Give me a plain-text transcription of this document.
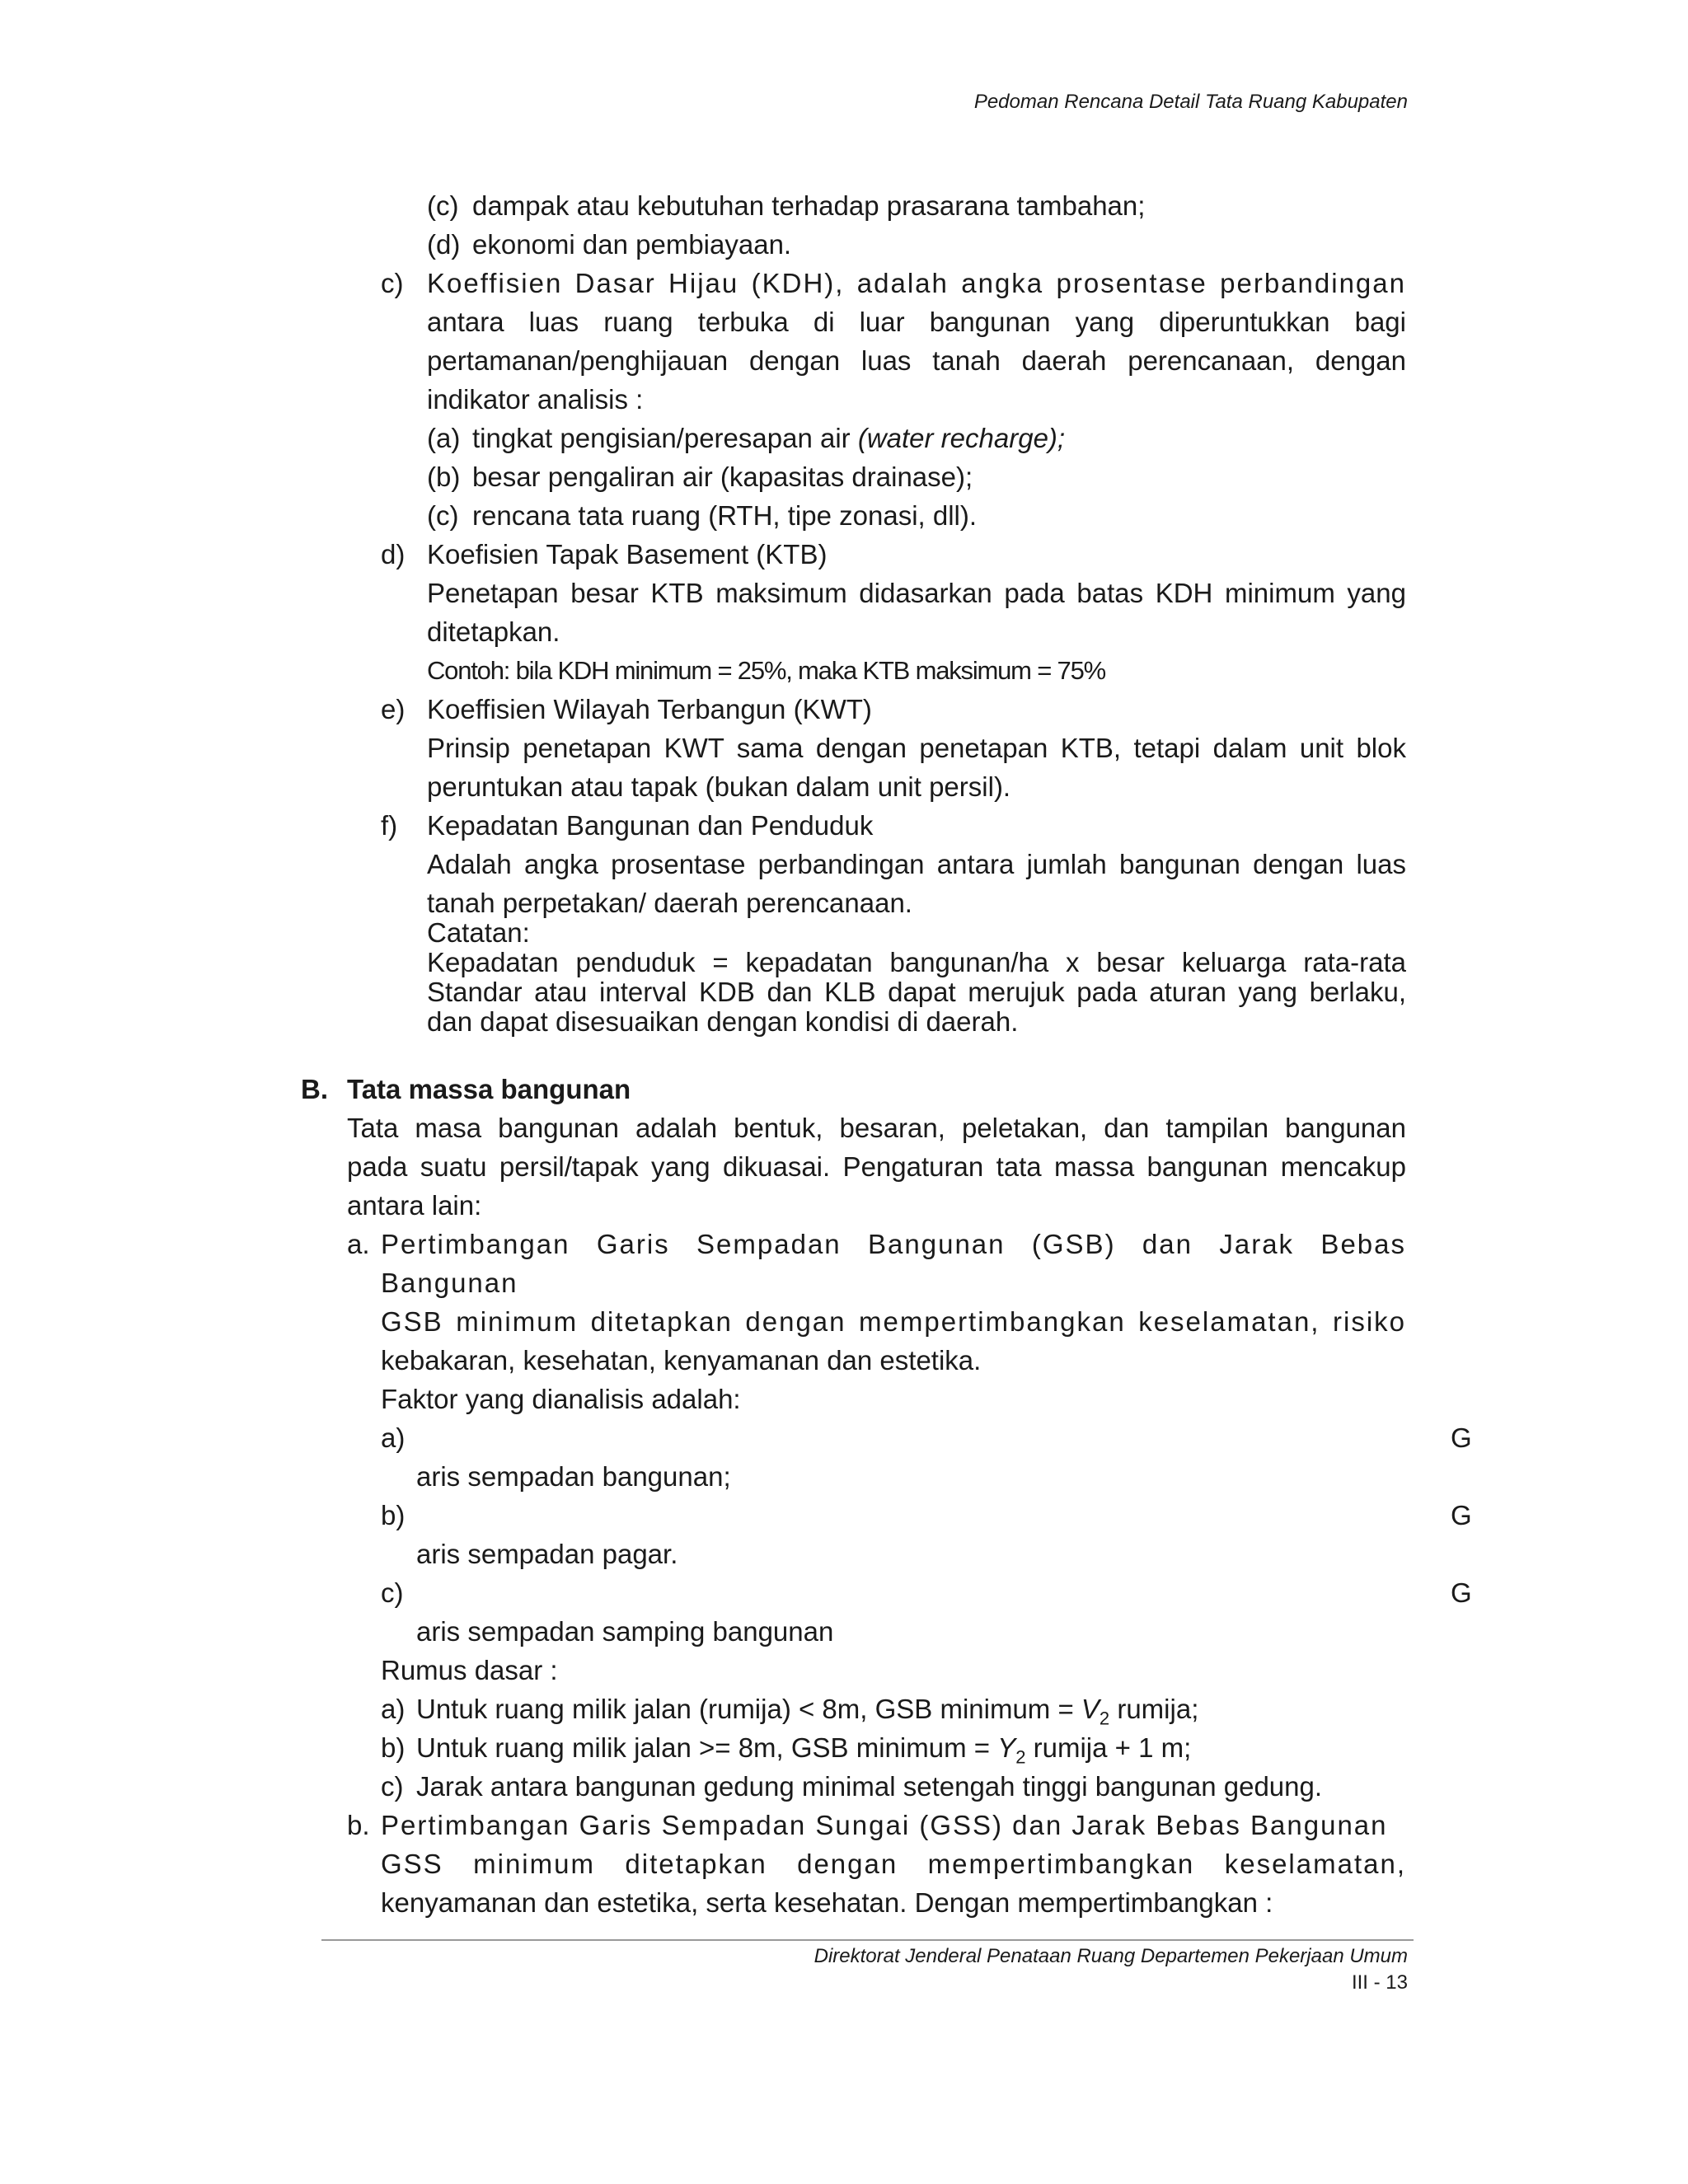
Pedoman Rencana Detail Tata Ruang Kabupaten
(c) dampak atau kebutuhan terhadap prasarana tambahan;
(d) ekonomi dan pembiayaan.
c) Koeffisien Dasar Hijau (KDH), adalah angka prosentase perbandingan
antara luas ruang terbuka di luar bangunan yang diperuntukkan bagi
pertamanan/penghijauan dengan luas tanah daerah perencanaan, dengan
indikator analisis :
(a) tingkat pengisian/peresapan air (water recharge);
(b) besar pengaliran air (kapasitas drainase);
(c) rencana tata ruang (RTH, tipe zonasi, dll).
d) Koefisien Tapak Basement (KTB)
Penetapan besar KTB maksimum didasarkan pada batas KDH minimum yang
ditetapkan.
Contoh: bila KDH minimum = 25%, maka KTB maksimum = 75%
e) Koeffisien Wilayah Terbangun (KWT)
Prinsip penetapan KWT sama dengan penetapan KTB, tetapi dalam unit blok
peruntukan atau tapak (bukan dalam unit persil).
f) Kepadatan Bangunan dan Penduduk
Adalah angka prosentase perbandingan antara jumlah bangunan dengan luas
tanah perpetakan/ daerah perencanaan.
Catatan:
Kepadatan penduduk = kepadatan bangunan/ha x besar keluarga rata-rata
Standar atau interval KDB dan KLB dapat merujuk pada aturan yang berlaku,
dan dapat disesuaikan dengan kondisi di daerah.
B. Tata massa bangunan
Tata masa bangunan adalah bentuk, besaran, peletakan, dan tampilan bangunan
pada suatu persil/tapak yang dikuasai. Pengaturan tata massa bangunan mencakup
antara lain:
a. Pertimbangan Garis Sempadan Bangunan (GSB) dan Jarak Bebas
Bangunan
GSB minimum ditetapkan dengan mempertimbangkan keselamatan, risiko
kebakaran, kesehatan, kenyamanan dan estetika.
Faktor yang dianalisis adalah:
a)	G
aris sempadan bangunan;
b)	G
aris sempadan pagar.
c)	G
aris sempadan samping bangunan
Rumus dasar :
a) Untuk ruang milik jalan (rumija) < 8m, GSB minimum = $V_2$ rumija;
b) Untuk ruang milik jalan >= 8m, GSB minimum = $Y_2$ rumija + 1 m;
c) Jarak antara bangunan gedung minimal setengah tinggi bangunan gedung.
b. Pertimbangan Garis Sempadan Sungai (GSS) dan Jarak Bebas Bangunan
GSS minimum ditetapkan dengan mempertimbangkan keselamatan,
kenyamanan dan estetika, serta kesehatan. Dengan mempertimbangkan :
Direktorat Jenderal Penataan Ruang Departemen Pekerjaan Umum
III - 13
